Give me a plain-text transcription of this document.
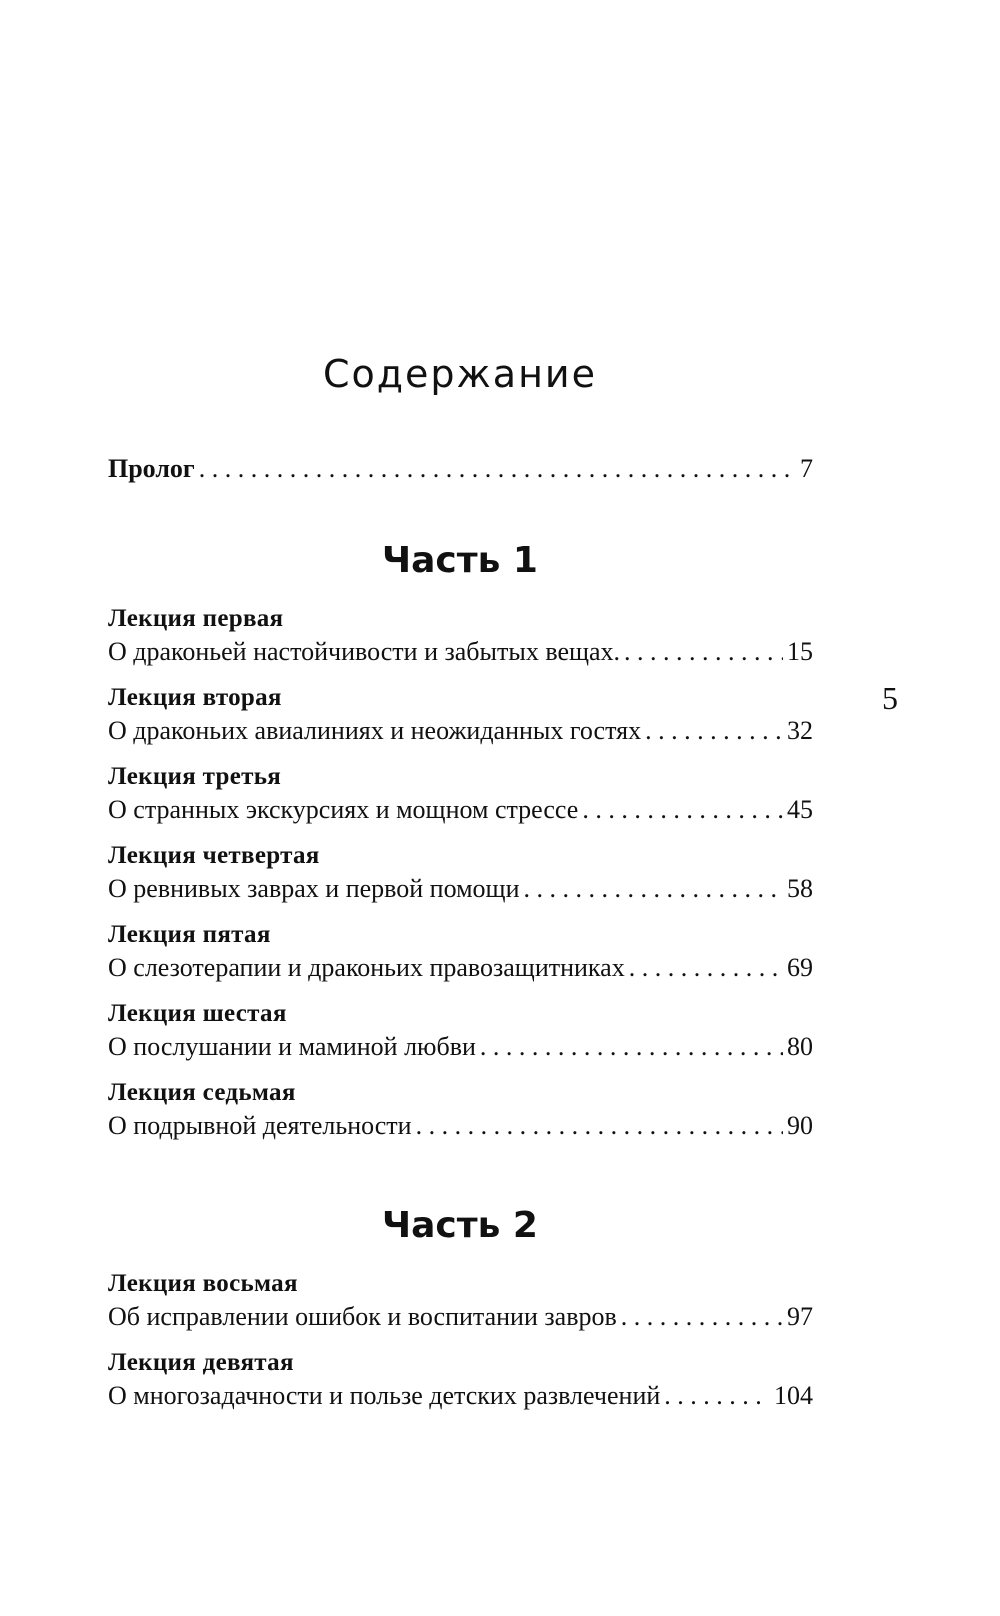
Содержание
Пролог . . .	7
Часть 1
Лекция первая
О драконьей настойчивости и забытых вещах. . . .	15
Лекция вторая
О драконьих авиалиниях и неожиданных гостях . . .	32
Лекция третья
О странных экскурсиях и мощном стрессе . . .	45
Лекция четвертая
О ревнивых заврах и первой помощи . . .	58
Лекция пятая
О слезотерапии и драконьих правозащитниках . . .	69
Лекция шестая
О послушании и маминой любви . . .	80
Лекция седьмая
О подрывной деятельности . . .	90
Часть 2
Лекция восьмая
Об исправлении ошибок и воспитании завров . . .	97
Лекция девятая
О многозадачности и пользе детских развлечений . . .	104
5
